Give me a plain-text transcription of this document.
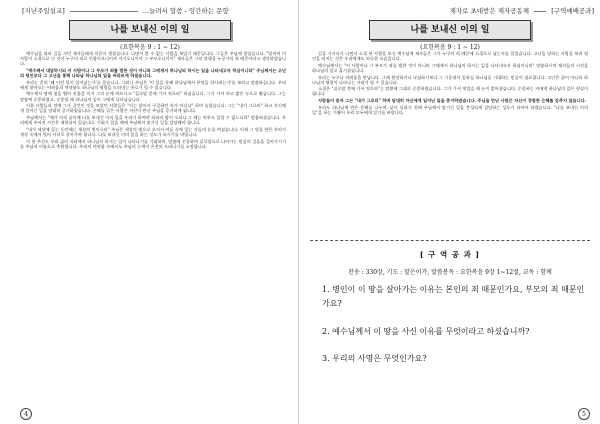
[지난주일설교]	...늘려서 말씀 - 잉간하는 문향
나를 보내신 이의 일
(요한복음 9 : 1 ~ 12)

예수님을 따라 길을 가던 제자들에게 의문이 생겼습니다. 나면서 볼 수 없는 사람을 보았기 때문입니다. 그들은 주님께 물었습니다. "랍비여 이 사람이 소경으로 난 것이 누구의 죄로 인함이오니이까 자기오니이까 그 부모오니이까" 제자들은 그의 불행을 누군가의 죄 때문이라고 생각하였습니다.

"예수께서 대답하시되 이 사람이나 그 부모가 죄를 범한 것이 아니라 그에게서 하나님의 하시는 일을 나타내고자 하심이니라" 주님께서는 고난의 원인보다 그 고난을 통해 나타날 하나님의 일을 바라보게 하셨습니다.

우리는 흔히 '왜 이런 일이 일어났는가'를 묻습니다. 그러나 주님은 '이 일을 통해 하나님께서 무엇을 하시려는가'를 보라고 말씀하십니다. 우리에게 찾아오는 어려움과 연약함도 하나님의 영광을 드러내는 통로가 될 수 있습니다.

예수께서 땅에 침을 뱉어 진흙을 이겨 그의 눈에 바르시고 "실로암 못에 가서 씻으라" 하셨습니다. 그가 가서 씻고 밝은 눈으로 왔습니다. 그는 말씀에 순종하였고, 순종할 때 하나님의 일이 그에게 나타났습니다.

이웃 사람들과 전에 그가 걸인인 것을 보았던 사람들은 "이는 앉아서 구걸하던 자가 아니냐" 하며 놀랐습니다. 그는 "내가 그로라" 하고 자신에게 일어난 일을 담대히 증거하였습니다. 은혜를 입은 사람은 자신이 만난 주님을 증거하게 됩니다.

주님께서는 "때가 아직 낮이매 나를 보내신 이의 일을 우리가 하여야 하리라 밤이 오리니 그 때는 아무도 일할 수 없느니라" 말씀하셨습니다. 우리에게 주어진 시간은 제한되어 있습니다. 기회가 있을 때에 주님께서 맡기신 일을 감당해야 합니다.

"내가 세상에 있는 동안에는 세상의 빛이로라" 주님은 세상의 빛으로 오셔서 어둠 속에 있는 자들의 눈을 여셨습니다. 이제 그 빛을 받은 우리가 세상 속에서 빛의 자녀로 살아가야 합니다. 나를 보내신 이의 일을 하는 성도가 되시기를 바랍니다.

이 한 주간도 우리 삶의 자리에서 하나님의 하시는 일이 나타나기를 기대하며, 말씀에 순종하여 실로암으로 나아가는 믿음의 걸음을 걸어가시기를 주님의 이름으로 축원합니다. 우리의 연약함 속에서도 주님의 능력이 온전히 드러나기를 소망합니다.

4
제자로 초대받은 제자공동체	[구역예배공과]
나를 보내신 이의 일
(요한복음 9 : 1 ~ 12)

길을 가시다가 나면서 소경 된 사람을 보신 예수님께 제자들은 그가 누구의 죄 때문에 소경으로 났는지를 물었습니다. 고난을 당하는 사람을 보며 원인을 따지는 것은 우리에게도 익숙한 모습입니다.

예수님께서는 "이 사람이나 그 부모가 죄를 범한 것이 아니라 그에게서 하나님의 하시는 일을 나타내고자 하심이니라" 말씀하시며 제자들의 시선을 하나님의 일로 옮기셨습니다.

우리는 누구나 어려움을 만납니다. 그때 원망하거나 낙심하기보다 그 가운데서 일하실 하나님을 기대하는 믿음이 필요합니다. 고난은 끝이 아니라 하나님의 영광이 나타나는 자리가 될 수 있습니다.

소경은 "실로암 못에 가서 씻으라"는 말씀에 그대로 순종하였습니다. 그가 가서 씻었을 때 눈이 밝아졌습니다. 순종하는 자에게 하나님의 일은 현실이 됩니다.

사람들이 묻자 그는 "내가 그로라" 하며 담대히 자신에게 일어난 일을 증거하였습니다. 주님을 만난 사람은 자신이 경험한 은혜를 감추지 않습니다.

우리도 하나님께 받은 은혜를 나누며, 낮이 다하기 전에 주님께서 맡기신 일을 충성되게 감당하는 성도가 되어야 하겠습니다. "나를 보내신 이의 일"을 하는 기쁨이 우리 모두에게 있기를 바랍니다.

[ 구 역 공 과 ]
찬송 : 330장, 기도 : 맡은이가, 말씀봉독 : 요한복음 9장 1~12절, 교독 : 함께
1. 병인이 이 땅을 살아가는 이유는 본인의 죄 때문인가요, 부모의 죄 때문인가요?
2. 예수님께서 이 땅을 사신 이유를 무엇이라고 하셨습니까?
3. 우리의 사명은 무엇인가요?
5
